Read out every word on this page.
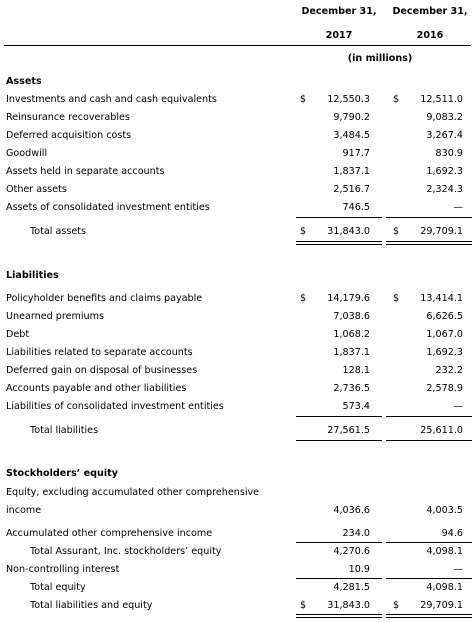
December 31,	December 31,
2017	2016
(in millions)
Assets
Investments and cash and cash equivalents	$ 12,550.3 $ 12,511.0
Reinsurance recoverables	9,790.2	9,083.2
Deferred acquisition costs	3,484.5	3,267.4
Goodwill	917.7	830.9
Assets held in separate accounts	1,837.1	1,692.3
Other assets	2,516.7	2,324.3
Assets of consolidated investment entities	746.5	—
Total assets	$ 31,843.0 $ 29,709.1
Liabilities
Policyholder benefits and claims payable	$ 14,179.6 $ 13,414.1
Unearned premiums	7,038.6	6,626.5
Debt	1,068.2	1,067.0
Liabilities related to separate accounts	1,837.1	1,692.3
Deferred gain on disposal of businesses	128.1	232.2
Accounts payable and other liabilities	2,736.5	2,578.9
Liabilities of consolidated investment entities	573.4	—
Total liabilities	27,561.5	25,611.0
Stockholders’ equity
Equity, excluding accumulated other comprehensive
income	4,036.6	4,003.5
Accumulated other comprehensive income	234.0	94.6
Total Assurant, Inc. stockholders’ equity	4,270.6	4,098.1
Non-controlling interest	10.9	—
Total equity	4,281.5	4,098.1
Total liabilities and equity	$ 31,843.0 $ 29,709.1
